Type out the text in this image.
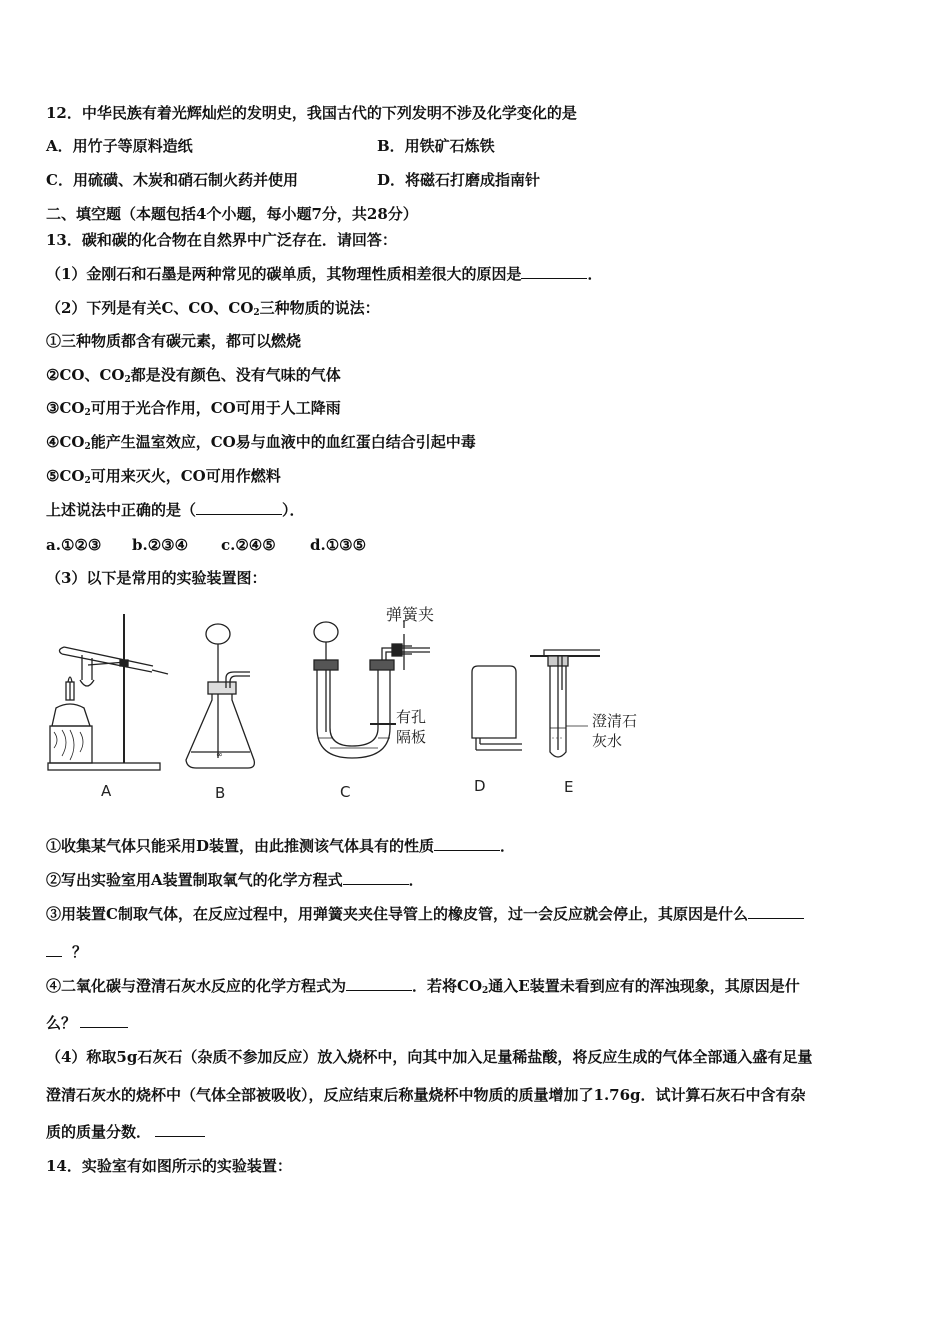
12．中华民族有着光辉灿烂的发明史，我国古代的下列发明不涉及化学变化的是
A．用竹子等原料造纸	B．用铁矿石炼铁
C．用硫磺、木炭和硝石制火药并使用	D．将磁石打磨成指南针
二、填空题（本题包括4个小题，每小题7分，共28分）
13．碳和碳的化合物在自然界中广泛存在．请回答：
（1）金刚石和石墨是两种常见的碳单质，其物理性质相差很大的原因是	．
（2）下列是有关C、CO、$CO_2$三种物质的说法：
①三种物质都含有碳元素，都可以燃烧
②CO、$CO_2$都是没有颜色、没有气味的气体
$③CO_2$可用于光合作用，CO可用于人工降雨
$④CO_2$能产生温室效应，CO易与血液中的血红蛋白结合引起中毒
$⑤CO_2$可用来灭火，CO可用作燃料
上述说法中正确的是（	）．
a.①②③ b.②③④ c.②④⑤ d.①③⑤
（3）以下是常用的实验装置图：
∞
弹簧夹
有孔
隔板
澄清石
灰水
A	B	C	D	E
①收集某气体只能采用D装置，由此推测该气体具有的性质	．
②写出实验室用A装置制取氧气的化学方程式	．
③用装置C制取气体，在反应过程中，用弹簧夹夹住导管上的橡皮管，过一会反应就会停止，其原因是什么
？
④二氧化碳与澄清石灰水反应的化学方程式为	．若将$CO_2$通入E装置未看到应有的浑浊现象，其原因是什
么？
（4）称取5g石灰石（杂质不参加反应）放入烧杯中，向其中加入足量稀盐酸，将反应生成的气体全部通入盛有足量
澄清石灰水的烧杯中（气体全部被吸收），反应结束后称量烧杯中物质的质量增加了1.76g．试计算石灰石中含有杂
质的质量分数．
14．实验室有如图所示的实验装置：
